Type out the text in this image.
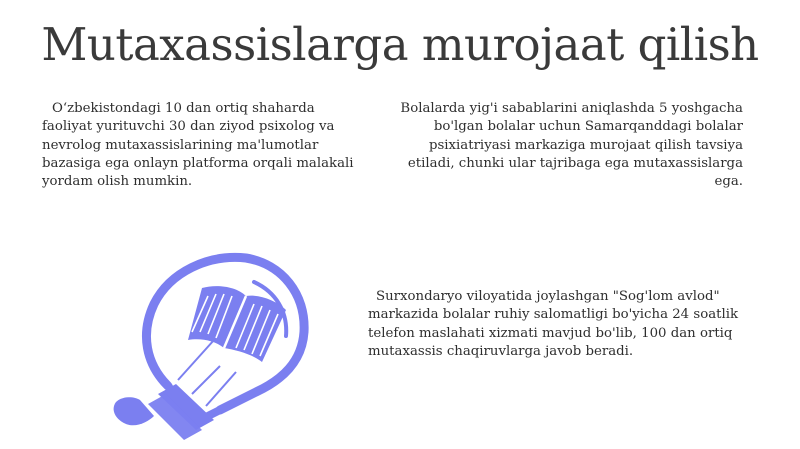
Mutaxassislarga murojaat qilish

O‘zbekistondagi 10 dan ortiq shaharda faoliyat yurituvchi 30 dan ziyod psixolog va nevrolog mutaxassislarining ma'lumotlar bazasiga ega onlayn platforma orqali malakali yordam olish mumkin.

Bolalarda yig'i sabablarini aniqlashda 5 yoshgacha bo'lgan bolalar uchun Samarqanddagi bolalar psixiatriyasi markaziga murojaat qilish tavsiya etiladi, chunki ular tajribaga ega mutaxassislarga ega.

Surxondaryo viloyatida joylashgan "Sog'lom avlod" markazida bolalar ruhiy salomatligi bo'yicha 24 soatlik telefon maslahati xizmati mavjud bo'lib, 100 dan ortiq mutaxassis chaqiruvlarga javob beradi.
